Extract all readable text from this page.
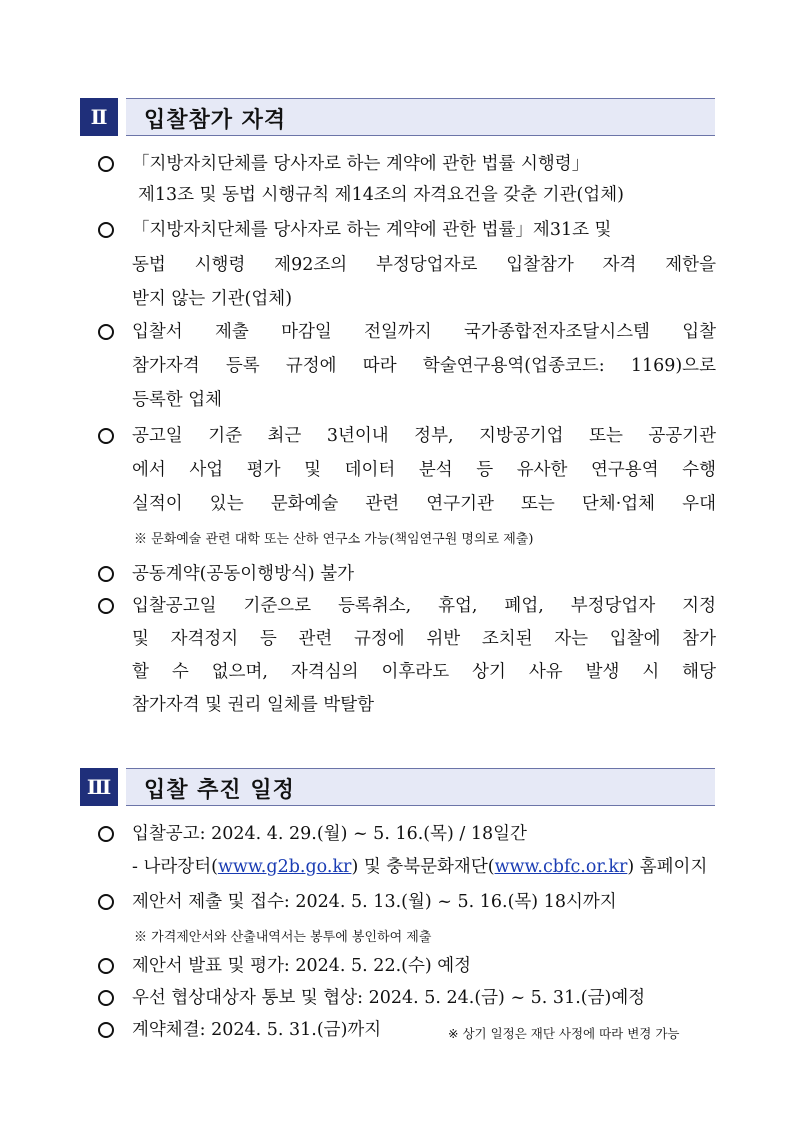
Ⅱ	입찰참가 자격
「지방자치단체를 당사자로 하는 계약에 관한 법률 시행령」
제13조 및 동법 시행규칙 제14조의 자격요건을 갖춘 기관(업체)
「지방자치단체를 당사자로 하는 계약에 관한 법률」제31조 및
동법 시행령 제92조의 부정당업자로 입찰참가 자격 제한을
받지 않는 기관(업체)
입찰서 제출 마감일 전일까지 국가종합전자조달시스템 입찰
참가자격 등록 규정에 따라 학술연구용역(업종코드: 1169)으로
등록한 업체
공고일 기준 최근 3년이내 정부, 지방공기업 또는 공공기관
에서 사업 평가 및 데이터 분석 등 유사한 연구용역 수행
실적이 있는 문화예술 관련 연구기관 또는 단체·업체 우대
※ 문화예술 관련 대학 또는 산하 연구소 가능(책임연구원 명의로 제출)
공동계약(공동이행방식) 불가
입찰공고일 기준으로 등록취소, 휴업, 폐업, 부정당업자 지정
및 자격정지 등 관련 규정에 위반 조치된 자는 입찰에 참가
할 수 없으며, 자격심의 이후라도 상기 사유 발생 시 해당
참가자격 및 권리 일체를 박탈함
Ⅲ	입찰 추진 일정
입찰공고: 2024. 4. 29.(월) ~ 5. 16.(목) / 18일간
- 나라장터(www.g2b.go.kr) 및 충북문화재단(www.cbfc.or.kr) 홈페이지
제안서 제출 및 접수: 2024. 5. 13.(월) ~ 5. 16.(목) 18시까지
※ 가격제안서와 산출내역서는 봉투에 봉인하여 제출
제안서 발표 및 평가: 2024. 5. 22.(수) 예정
우선 협상대상자 통보 및 협상: 2024. 5. 24.(금) ~ 5. 31.(금)예정
계약체결: 2024. 5. 31.(금)까지	※ 상기 일정은 재단 사정에 따라 변경 가능
